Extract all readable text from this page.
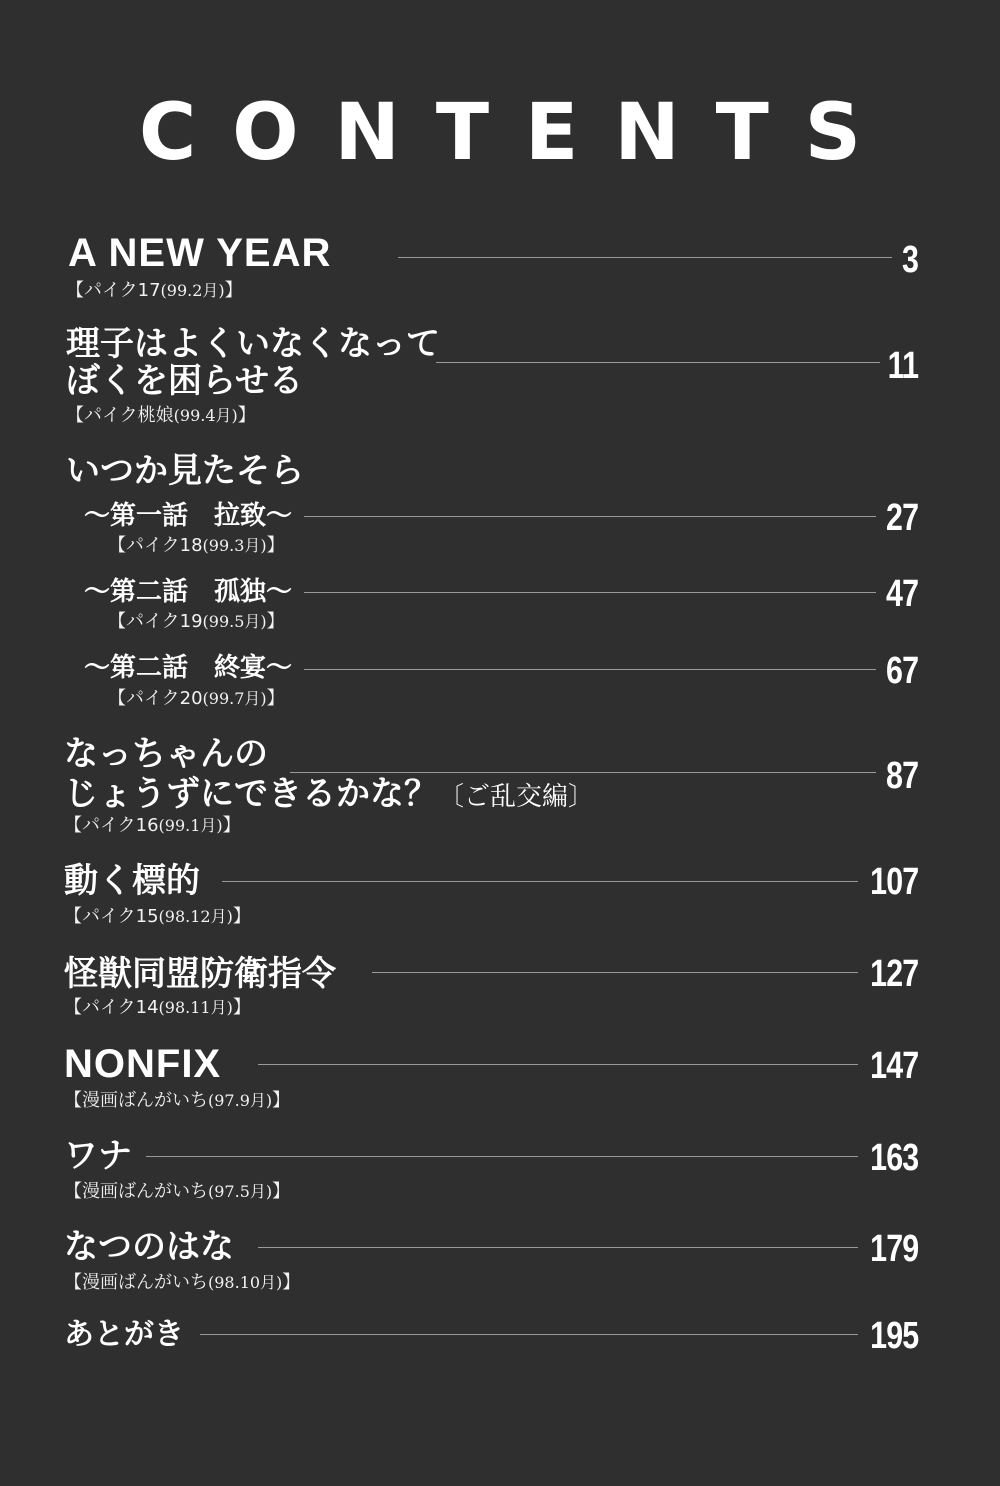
CONTENTS
A NEW YEAR	3
【パイク17(99.2月)】
理子はよくいなくなって
ぼくを困らせる	11
【パイク桃娘(99.4月)】
いつか見たそら
〜第一話　拉致〜	27
【パイク18(99.3月)】
〜第二話　孤独〜	47
【パイク19(99.5月)】
〜第二話　終宴〜	67
【パイク20(99.7月)】
なっちゃんの
じょうずにできるかな？〔ご乱交編〕	87
【パイク16(99.1月)】
動く標的	107
【パイク15(98.12月)】
怪獣同盟防衛指令	127
【パイク14(98.11月)】
NONFIX	147
【漫画ばんがいち(97.9月)】
ワナ	163
【漫画ばんがいち(97.5月)】
なつのはな	179
【漫画ばんがいち(98.10月)】
あとがき	195
